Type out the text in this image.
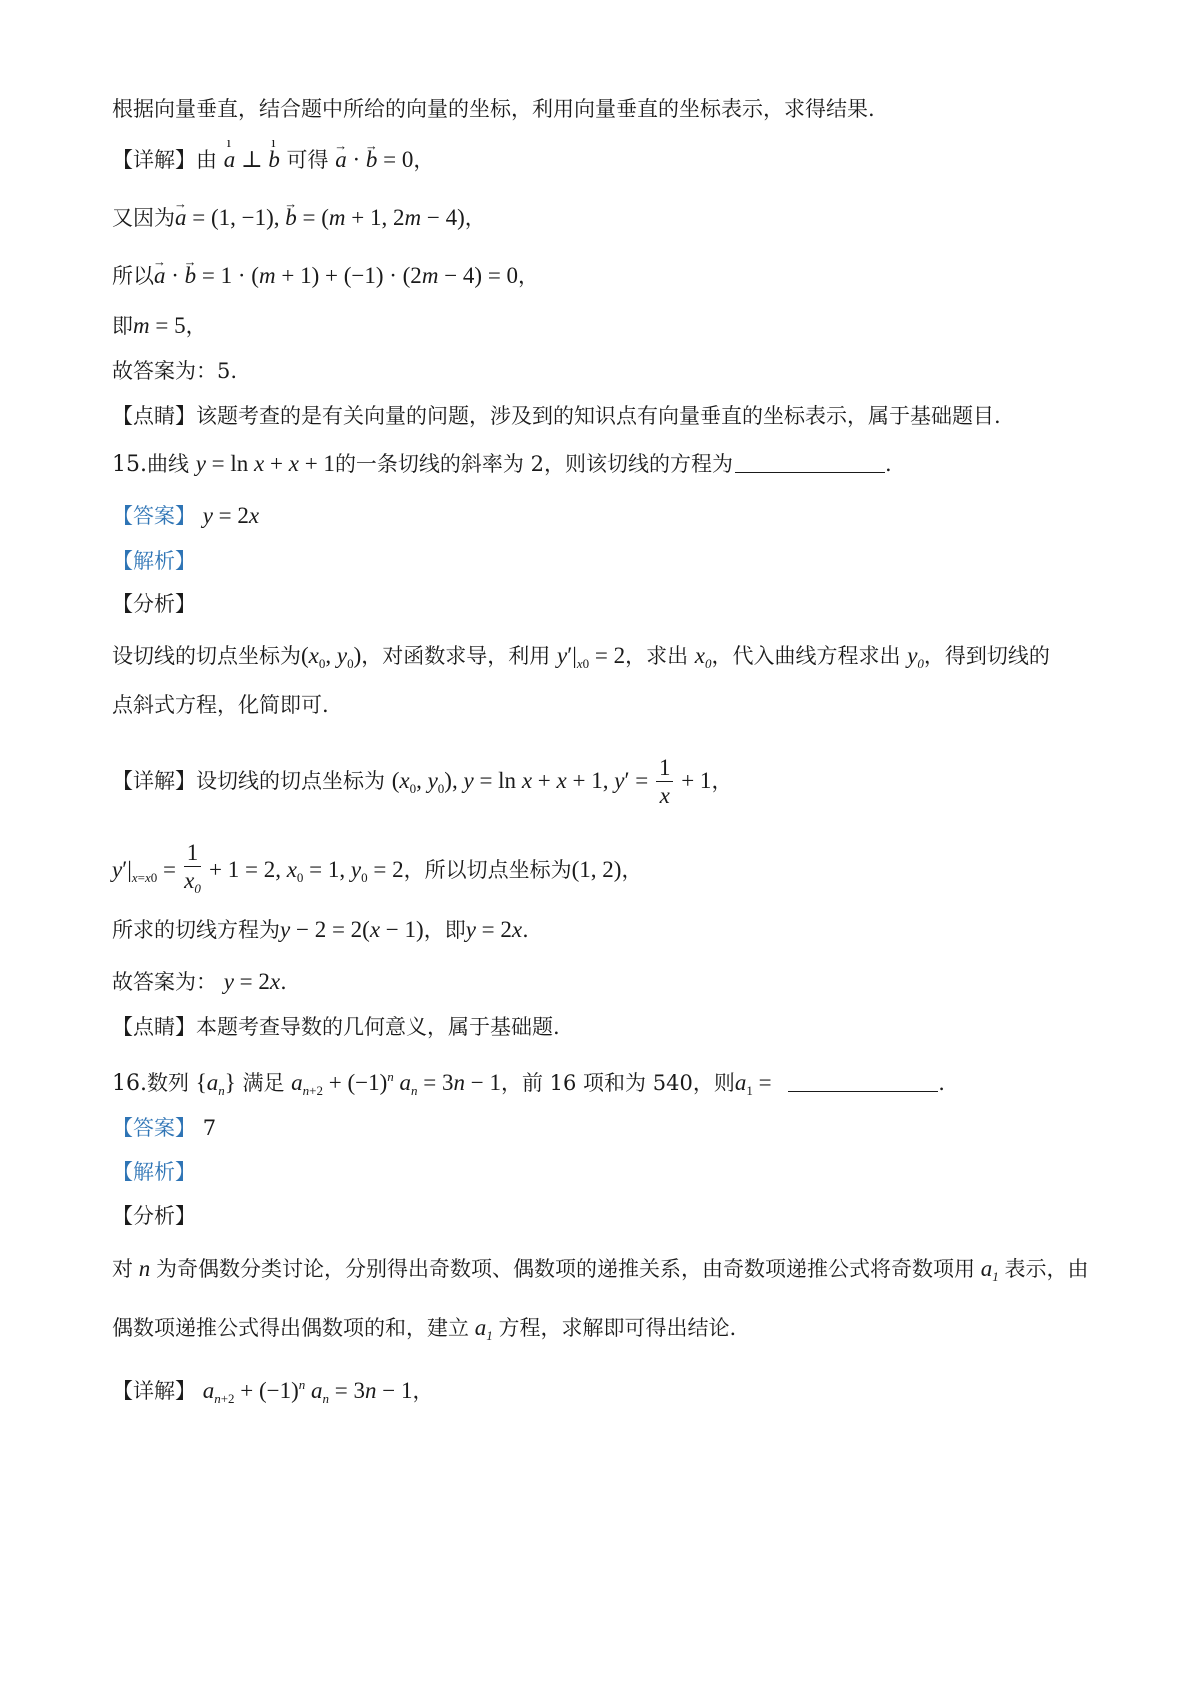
根据向量垂直，结合题中所给的向量的坐标，利用向量垂直的坐标表示，求得结果.
【详解】由 ı a ⊥ ı b 可得 → a · → b = 0，
又因为→ a = (1, −1), → b = (m + 1, 2m − 4)，
所以→ a · → b = 1 · (m + 1) + (−1) · (2m − 4) = 0，
即m = 5，
故答案为：5.
【点睛】该题考查的是有关向量的问题，涉及到的知识点有向量垂直的坐标表示，属于基础题目.
15.曲线 y = ln x + x + 1的一条切线的斜率为 2，则该切线的方程为	.
【答案】 y = 2x
【解析】
【分析】
设切线的切点坐标为($x_0$, $y_0$)，对函数求导，利用 $y'|_{x0} = 2$，求出 $x_0$，代入曲线方程求出 $y_0$，得到切线的
点斜式方程，化简即可.
【详解】设切线的切点坐标为 ($x_0$, $y_0$), y = ln x + x + 1, $y' = \frac{1}{x} + 1$，
$y'|_{x=x0} = \frac{1}{x_0} + 1 = 2$, $x_0 = 1$, $y_0 = 2$，所以切点坐标为(1, 2)，
所求的切线方程为y − 2 = 2(x − 1)，即y = 2x.
故答案为： y = 2x.
【点睛】本题考查导数的几何意义，属于基础题.
16.数列 $\{a_n\}$ 满足 $a_{n+2} + (-1)^n$ $a_n = 3n - 1$，前 16 项和为 540，则$a_1$ =	.
【答案】 7
【解析】
【分析】
对 n 为奇偶数分类讨论，分别得出奇数项、偶数项的递推关系，由奇数项递推公式将奇数项用 $a_1$ 表示，由
偶数项递推公式得出偶数项的和，建立 $a_1$ 方程，求解即可得出结论.
【详解】 $a_{n+2} + (-1)^n$ $a_n = 3n - 1$，
